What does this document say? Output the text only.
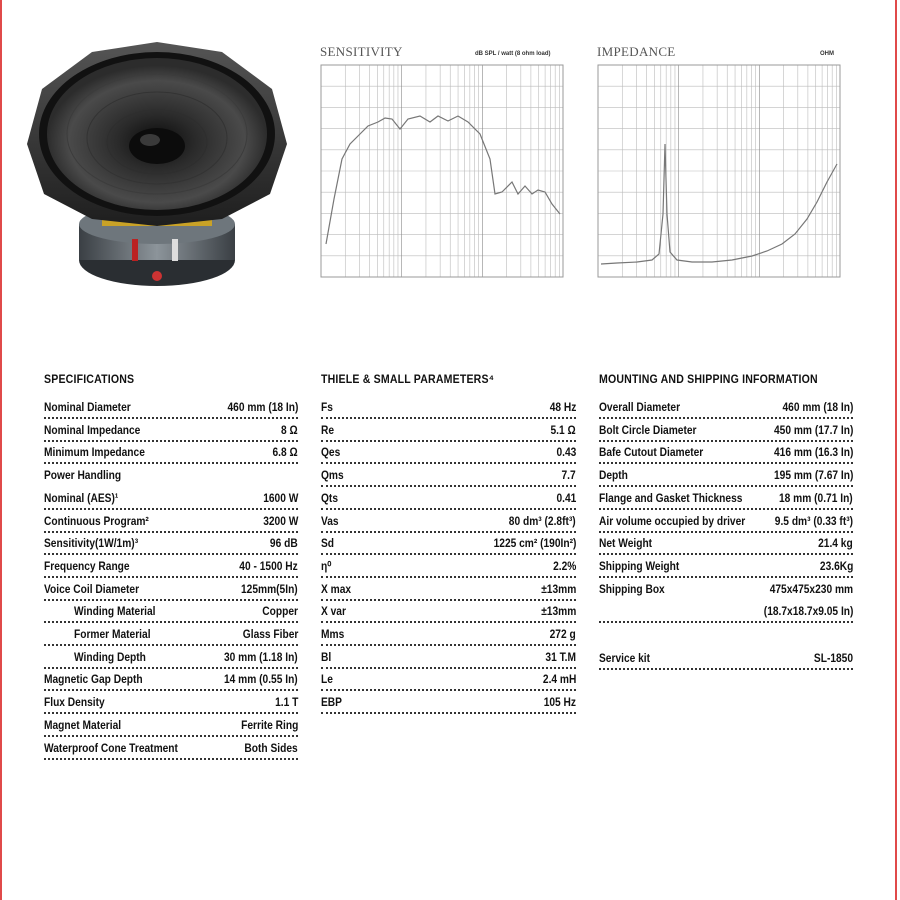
SENSITIVITY	dB SPL / watt (8 ohm load)	IMPEDANCE	OHM
SPECIFICATIONS
Nominal Diameter	460 mm (18 In)
Nominal Impedance	8 Ω
Minimum Impedance	6.8 Ω
Power Handling
Nominal (AES)¹	1600 W
Continuous Program²	3200 W
Sensitivity(1W/1m)³	96 dB
Frequency Range	40 - 1500 Hz
Voice Coil Diameter	125mm(5In)
Winding Material	Copper
Former Material	Glass Fiber
Winding Depth	30 mm (1.18 In)
Magnetic Gap Depth	14 mm (0.55 In)
Flux Density	1.1 T
Magnet Material	Ferrite Ring
Waterproof Cone Treatment	Both Sides
THIELE & SMALL PARAMETERS⁴
Fs	48 Hz
Re	5.1 Ω
Qes	0.43
Qms	7.7
Qts	0.41
Vas	80 dm³ (2.8ft³)
Sd	1225 cm² (190In²)
η⁰	2.2%
X max	±13mm
X var	±13mm
Mms	272 g
Bl	31 T.M
Le	2.4 mH
EBP	105 Hz
MOUNTING AND SHIPPING INFORMATION
Overall Diameter	460 mm (18 In)
Bolt Circle Diameter	450 mm (17.7 In)
Bafe Cutout Diameter	416 mm (16.3 In)
Depth	195 mm (7.67 In)
Flange and Gasket Thickness	18 mm (0.71 In)
Air volume occupied by driver 9.5 dm³ (0.33 ft³)
Net Weight	21.4 kg
Shipping Weight	23.6Kg
Shipping Box	475x475x230 mm
(18.7x18.7x9.05 In)
Service kit	SL-1850
